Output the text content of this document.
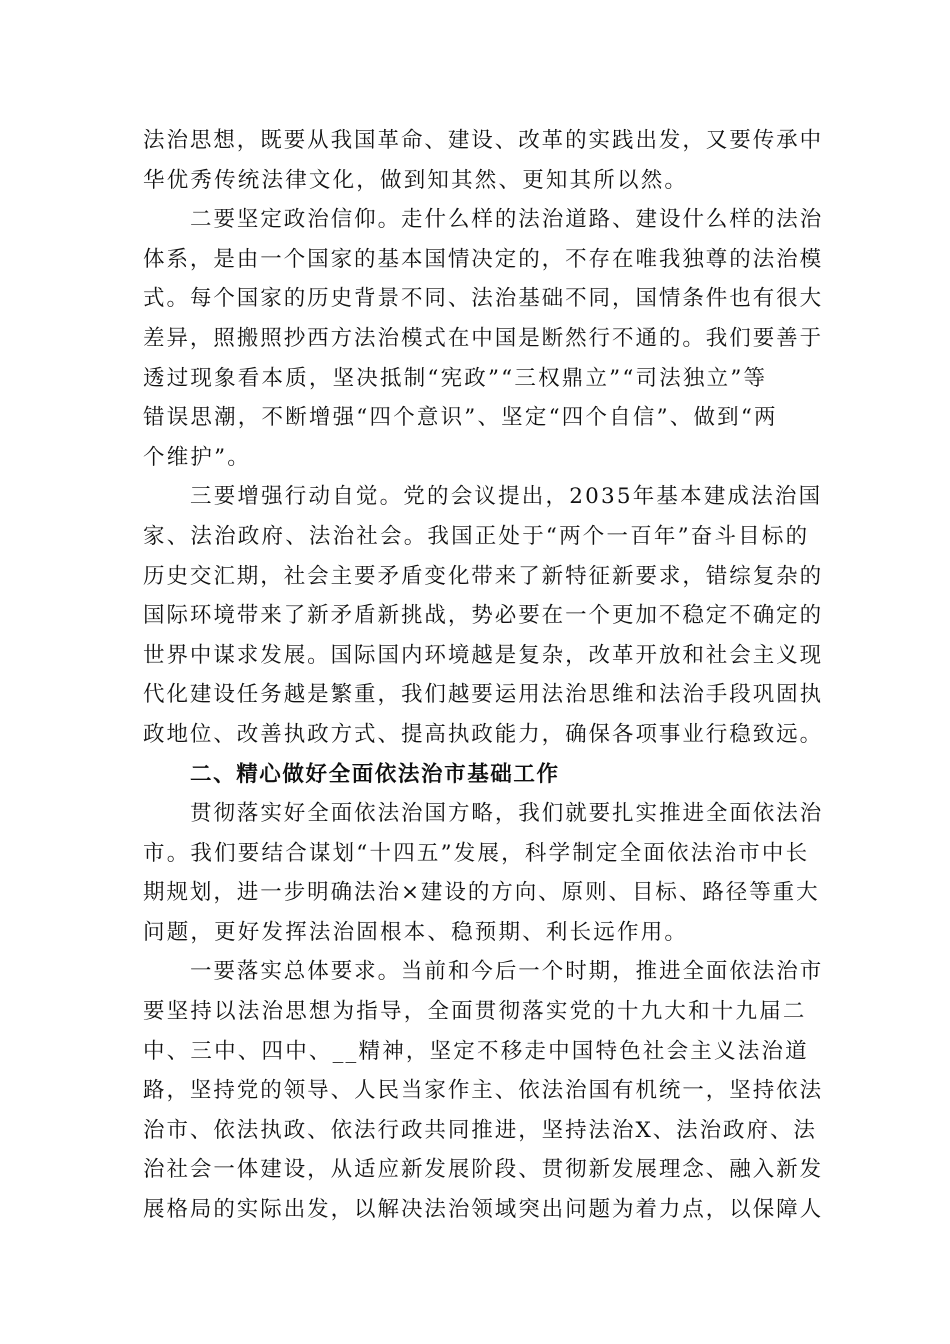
法治思想，既要从我国革命、建设、改革的实践出发，又要传承中
华优秀传统法律文化，做到知其然、更知其所以然。
二要坚定政治信仰。走什么样的法治道路、建设什么样的法治
体系，是由一个国家的基本国情决定的，不存在唯我独尊的法治模
式。每个国家的历史背景不同、法治基础不同，国情条件也有很大
差异，照搬照抄西方法治模式在中国是断然行不通的。我们要善于
透过现象看本质，坚决抵制“宪政”“三权鼎立”“司法独立”等
错误思潮，不断增强“四个意识”、坚定“四个自信”、做到“两
个维护”。
三要增强行动自觉。党的会议提出，2035年基本建成法治国
家、法治政府、法治社会。我国正处于“两个一百年”奋斗目标的
历史交汇期，社会主要矛盾变化带来了新特征新要求，错综复杂的
国际环境带来了新矛盾新挑战，势必要在一个更加不稳定不确定的
世界中谋求发展。国际国内环境越是复杂，改革开放和社会主义现
代化建设任务越是繁重，我们越要运用法治思维和法治手段巩固执
政地位、改善执政方式、提高执政能力，确保各项事业行稳致远。
二、精心做好全面依法治市基础工作
贯彻落实好全面依法治国方略，我们就要扎实推进全面依法治
市。我们要结合谋划“十四五”发展，科学制定全面依法治市中长
期规划，进一步明确法治×建设的方向、原则、目标、路径等重大
问题，更好发挥法治固根本、稳预期、利长远作用。
一要落实总体要求。当前和今后一个时期，推进全面依法治市
要坚持以法治思想为指导，全面贯彻落实党的十九大和十九届二
中、三中、四中、__精神，坚定不移走中国特色社会主义法治道
路，坚持党的领导、人民当家作主、依法治国有机统一，坚持依法
治市、依法执政、依法行政共同推进，坚持法治X、法治政府、法
治社会一体建设，从适应新发展阶段、贯彻新发展理念、融入新发
展格局的实际出发，以解决法治领域突出问题为着力点，以保障人
